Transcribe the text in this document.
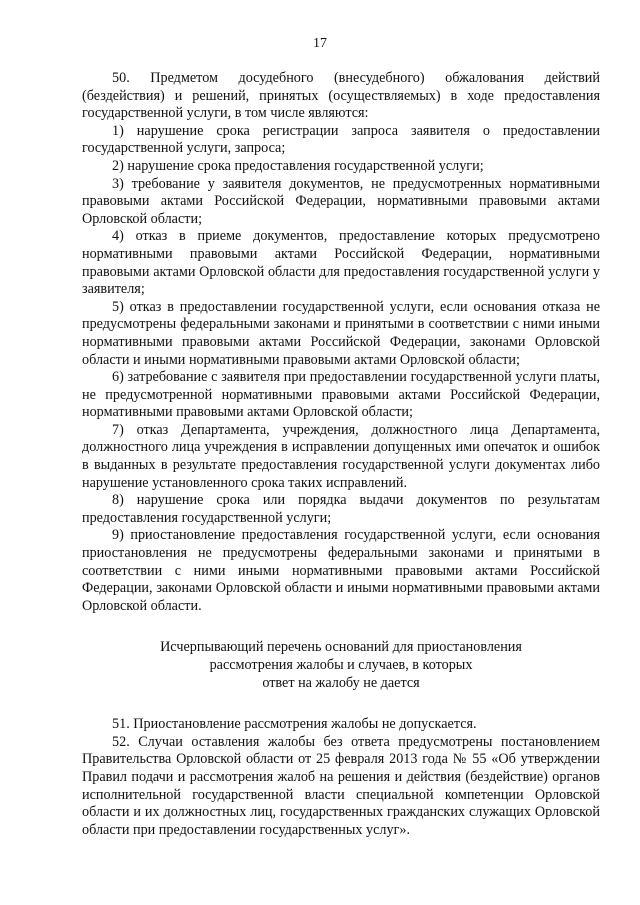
17

50. Предметом досудебного (внесудебного) обжалования действий (бездействия) и решений, принятых (осуществляемых) в ходе предоставления государственной услуги, в том числе являются:

1) нарушение срока регистрации запроса заявителя о предоставлении государственной услуги, запроса;

2) нарушение срока предоставления государственной услуги;

3) требование у заявителя документов, не предусмотренных нормативными правовыми актами Российской Федерации, нормативными правовыми актами Орловской области;

4) отказ в приеме документов, предоставление которых предусмотрено нормативными правовыми актами Российской Федерации, нормативными правовыми актами Орловской области для предоставления государственной услуги у заявителя;

5) отказ в предоставлении государственной услуги, если основания отказа не предусмотрены федеральными законами и принятыми в соответствии с ними иными нормативными правовыми актами Российской Федерации, законами Орловской области и иными нормативными правовыми актами Орловской области;

6) затребование с заявителя при предоставлении государственной услуги платы, не предусмотренной нормативными правовыми актами Российской Федерации, нормативными правовыми актами Орловской области;

7) отказ Департамента, учреждения, должностного лица Департамента, должностного лица учреждения в исправлении допущенных ими опечаток и ошибок в выданных в результате предоставления государственной услуги документах либо нарушение установленного срока таких исправлений.

8) нарушение срока или порядка выдачи документов по результатам предоставления государственной услуги;

9) приостановление предоставления государственной услуги, если основания приостановления не предусмотрены федеральными законами и принятыми в соответствии с ними иными нормативными правовыми актами Российской Федерации, законами Орловской области и иными нормативными правовыми актами Орловской области.

Исчерпывающий перечень оснований для приостановления
рассмотрения жалобы и случаев, в которых
ответ на жалобу не дается

51. Приостановление рассмотрения жалобы не допускается.

52. Случаи оставления жалобы без ответа предусмотрены постановлением Правительства Орловской области от 25 февраля 2013 года № 55 «Об утверждении Правил подачи и рассмотрения жалоб на решения и действия (бездействие) органов исполнительной государственной власти специальной компетенции Орловской области и их должностных лиц, государственных гражданских служащих Орловской области при предоставлении государственных услуг».
